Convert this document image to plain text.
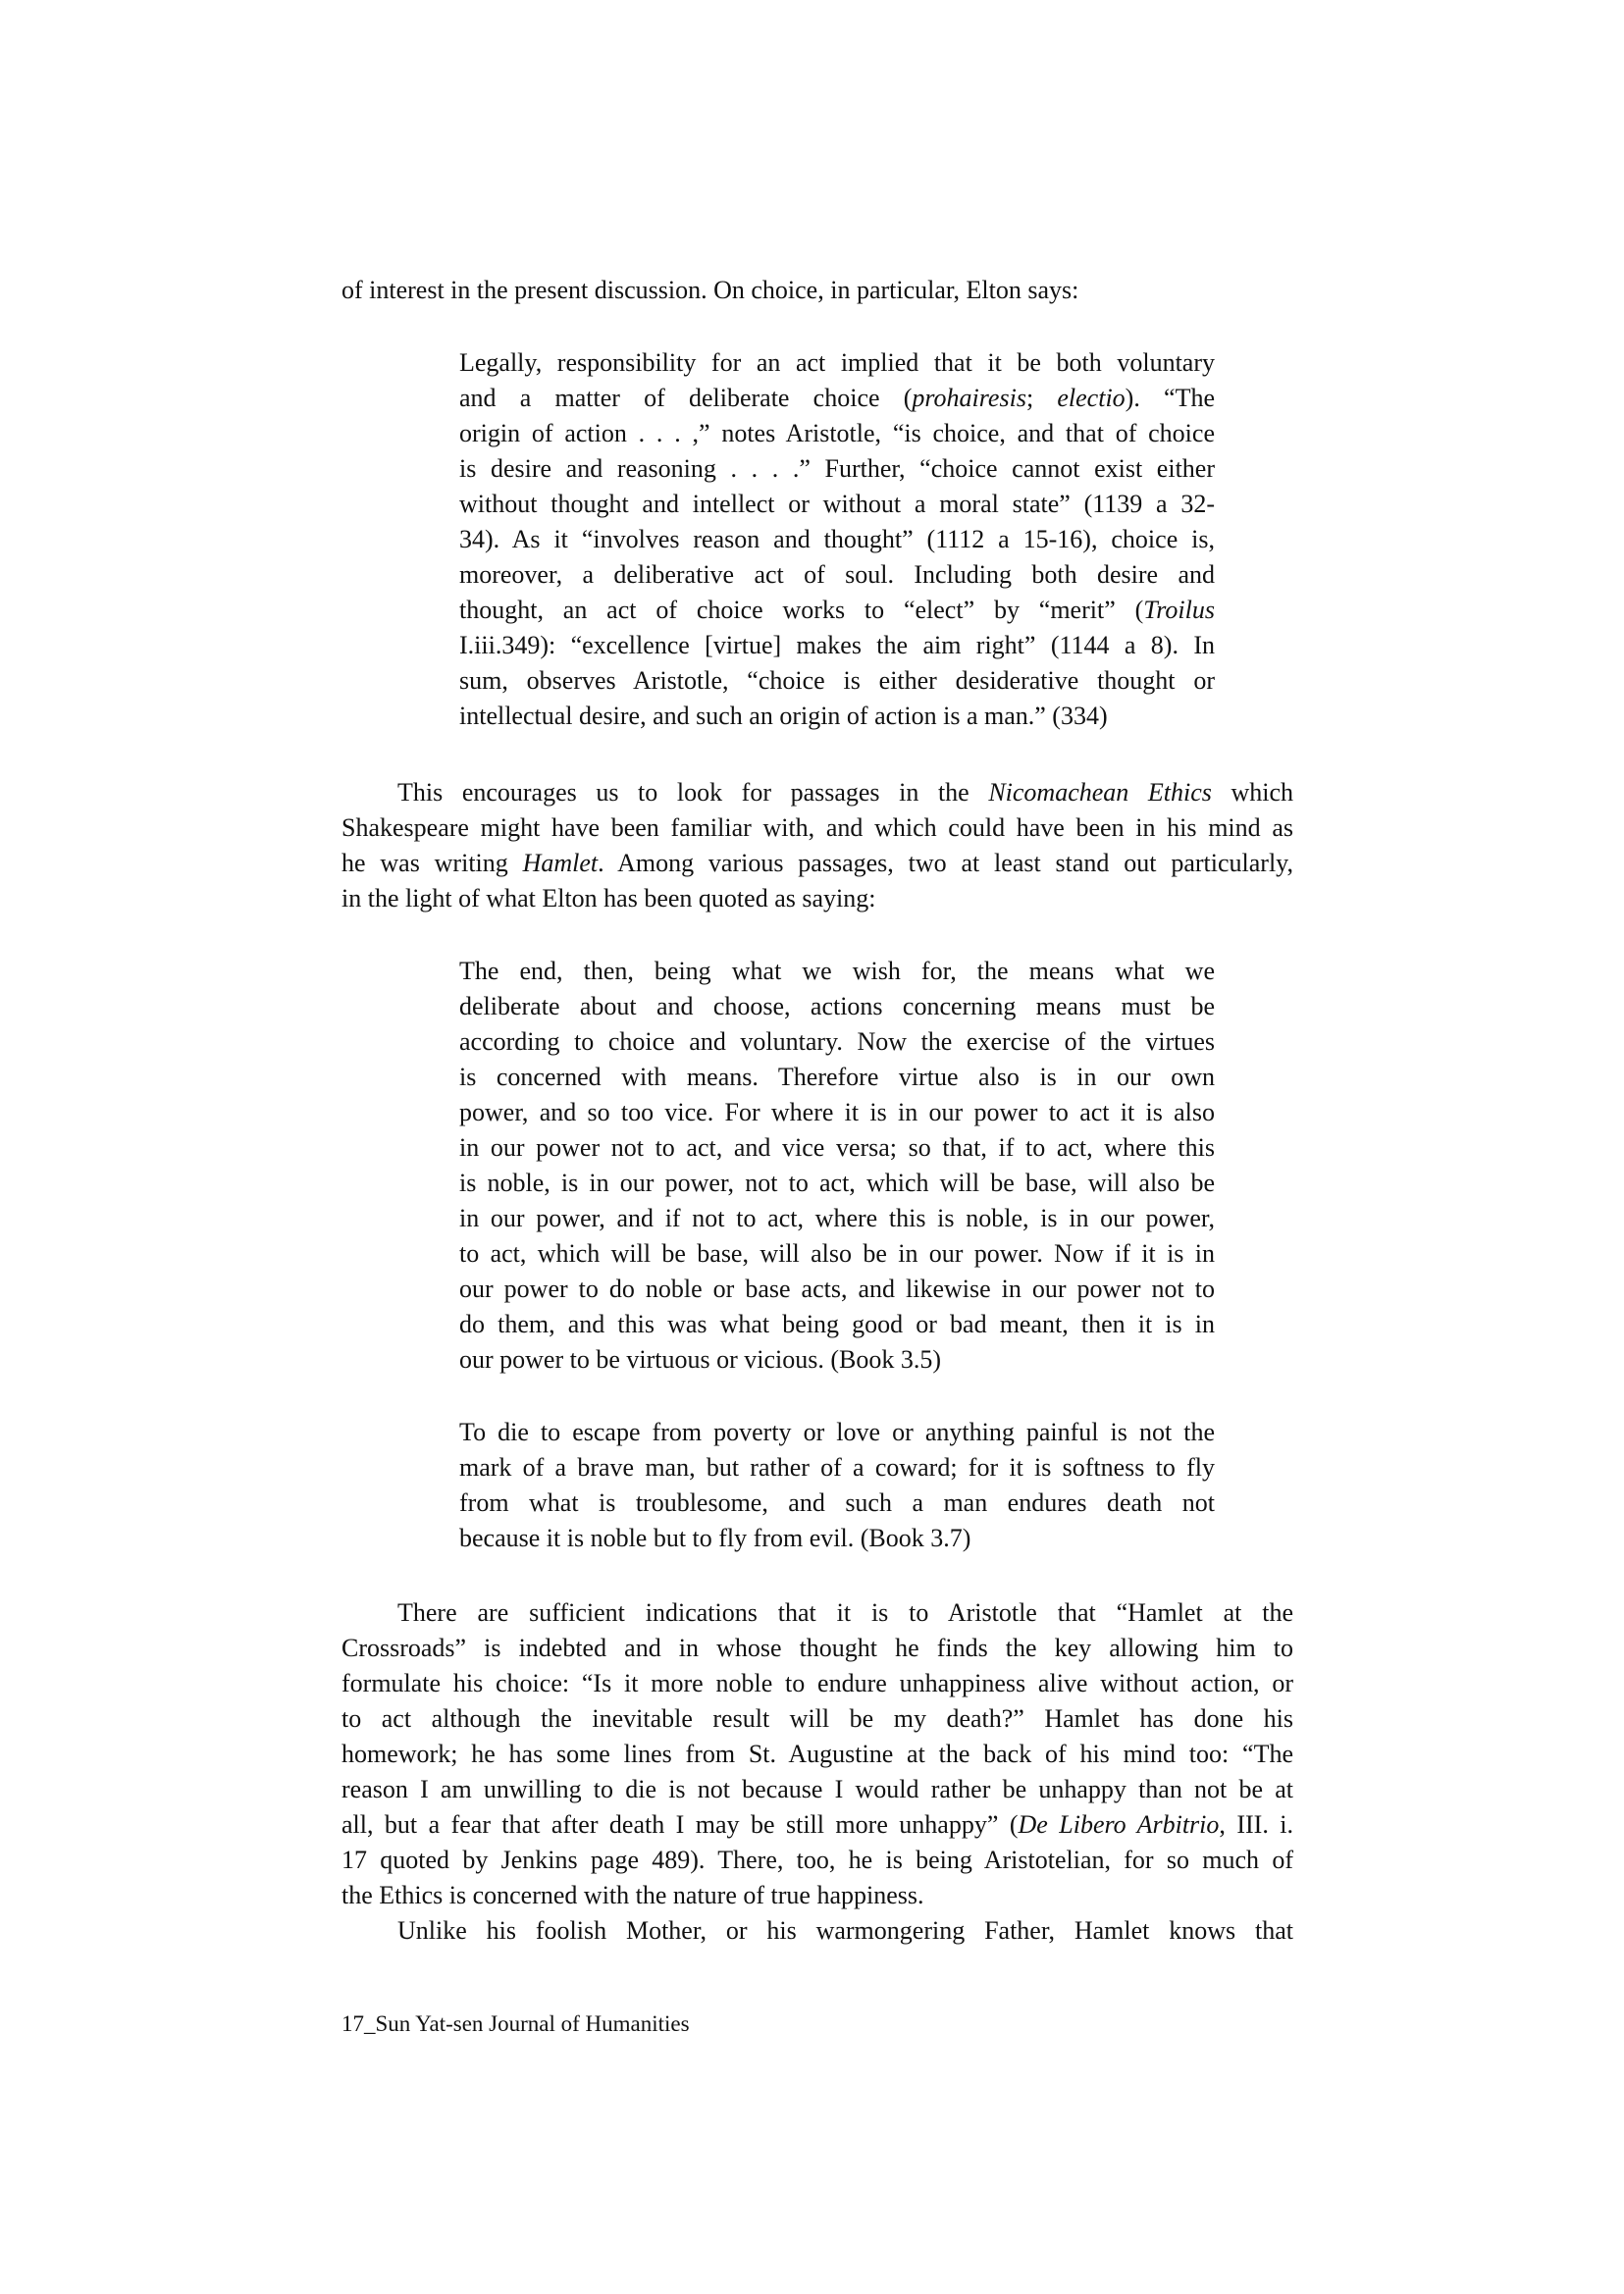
of interest in the present discussion. On choice, in particular, Elton says:
Legally, responsibility for an act implied that it be both voluntary
and a matter of deliberate choice (prohairesis; electio). “The
origin of action . . . ,” notes Aristotle, “is choice, and that of choice
is desire and reasoning . . . .” Further, “choice cannot exist either
without thought and intellect or without a moral state” (1139 a 32-
34). As it “involves reason and thought” (1112 a 15-16), choice is,
moreover, a deliberative act of soul. Including both desire and
thought, an act of choice works to “elect” by “merit” (Troilus
I.iii.349): “excellence [virtue] makes the aim right” (1144 a 8). In
sum, observes Aristotle, “choice is either desiderative thought or
intellectual desire, and such an origin of action is a man.” (334)
This encourages us to look for passages in the Nicomachean Ethics which
Shakespeare might have been familiar with, and which could have been in his mind as
he was writing Hamlet. Among various passages, two at least stand out particularly,
in the light of what Elton has been quoted as saying:
The end, then, being what we wish for, the means what we
deliberate about and choose, actions concerning means must be
according to choice and voluntary. Now the exercise of the virtues
is concerned with means. Therefore virtue also is in our own
power, and so too vice. For where it is in our power to act it is also
in our power not to act, and vice versa; so that, if to act, where this
is noble, is in our power, not to act, which will be base, will also be
in our power, and if not to act, where this is noble, is in our power,
to act, which will be base, will also be in our power. Now if it is in
our power to do noble or base acts, and likewise in our power not to
do them, and this was what being good or bad meant, then it is in
our power to be virtuous or vicious. (Book 3.5)
To die to escape from poverty or love or anything painful is not the
mark of a brave man, but rather of a coward; for it is softness to fly
from what is troublesome, and such a man endures death not
because it is noble but to fly from evil. (Book 3.7)
There are sufficient indications that it is to Aristotle that “Hamlet at the
Crossroads” is indebted and in whose thought he finds the key allowing him to
formulate his choice: “Is it more noble to endure unhappiness alive without action, or
to act although the inevitable result will be my death?” Hamlet has done his
homework; he has some lines from St. Augustine at the back of his mind too: “The
reason I am unwilling to die is not because I would rather be unhappy than not be at
all, but a fear that after death I may be still more unhappy” (De Libero Arbitrio, III. i.
17 quoted by Jenkins page 489). There, too, he is being Aristotelian, for so much of
the Ethics is concerned with the nature of true happiness.
Unlike his foolish Mother, or his warmongering Father, Hamlet knows that
17_Sun Yat-sen Journal of Humanities
